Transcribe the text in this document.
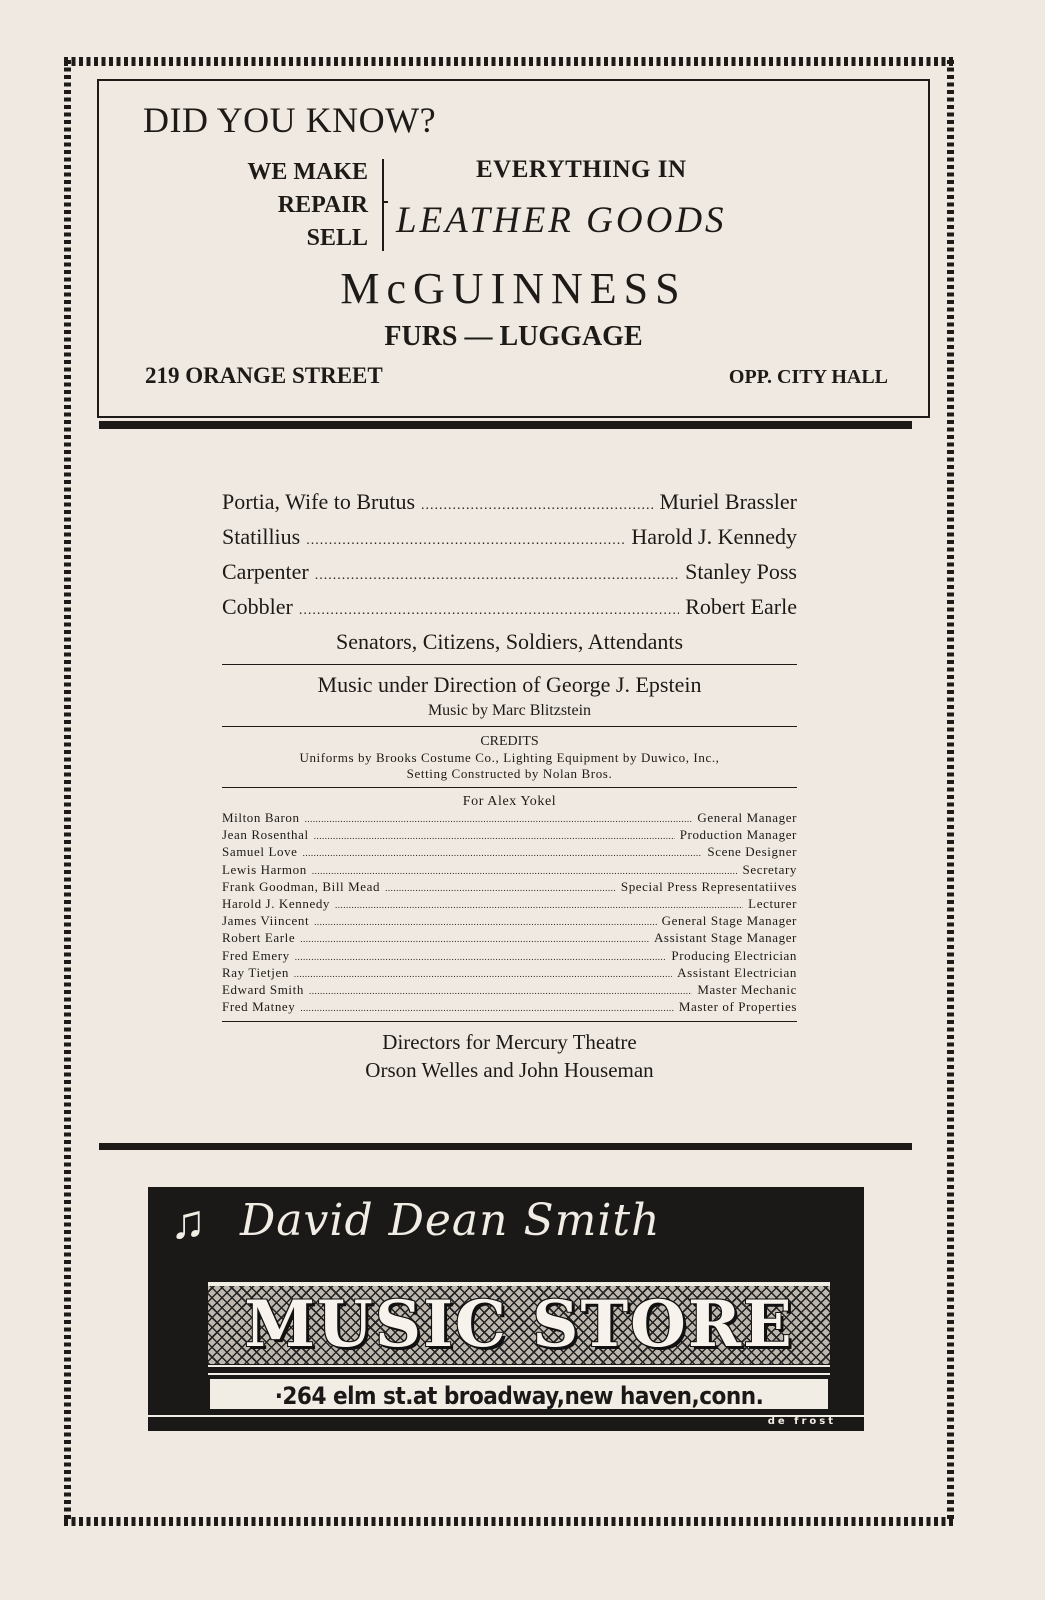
DID YOU KNOW?
WE MAKE
REPAIR
SELL
EVERYTHING IN
LEATHER GOODS
McGUINNESS
FURS — LUGGAGE
219 ORANGE STREET	OPP. CITY HALL
Portia, Wife to Brutus .....	Muriel Brassler
Statillius .....	Harold J. Kennedy
Carpenter .....	Stanley Poss
Cobbler .....	Robert Earle
Senators, Citizens, Soldiers, Attendants
Music under Direction of George J. Epstein
Music by Marc Blitzstein
CREDITS
Uniforms by Brooks Costume Co., Lighting Equipment by Duwico, Inc.,
Setting Constructed by Nolan Bros.
For Alex Yokel
Milton Baron .....	General Manager
Jean Rosenthal .....	Production Manager
Samuel Love .....	Scene Designer
Lewis Harmon .....	Secretary
Frank Goodman, Bill Mead .....	Special Press Representatiives
Harold J. Kennedy .....	Lecturer
James Viincent .....	General Stage Manager
Robert Earle .....	Assistant Stage Manager
Fred Emery .....	Producing Electrician
Ray Tietjen .....	Assistant Electrician
Edward Smith .....	Master Mechanic
Fred Matney .....	Master of Properties
Directors for Mercury Theatre
Orson Welles and John Houseman
♫ David Dean Smith
MUSIC STORE
·264 elm st.at broadway,new haven,conn.
de frost
